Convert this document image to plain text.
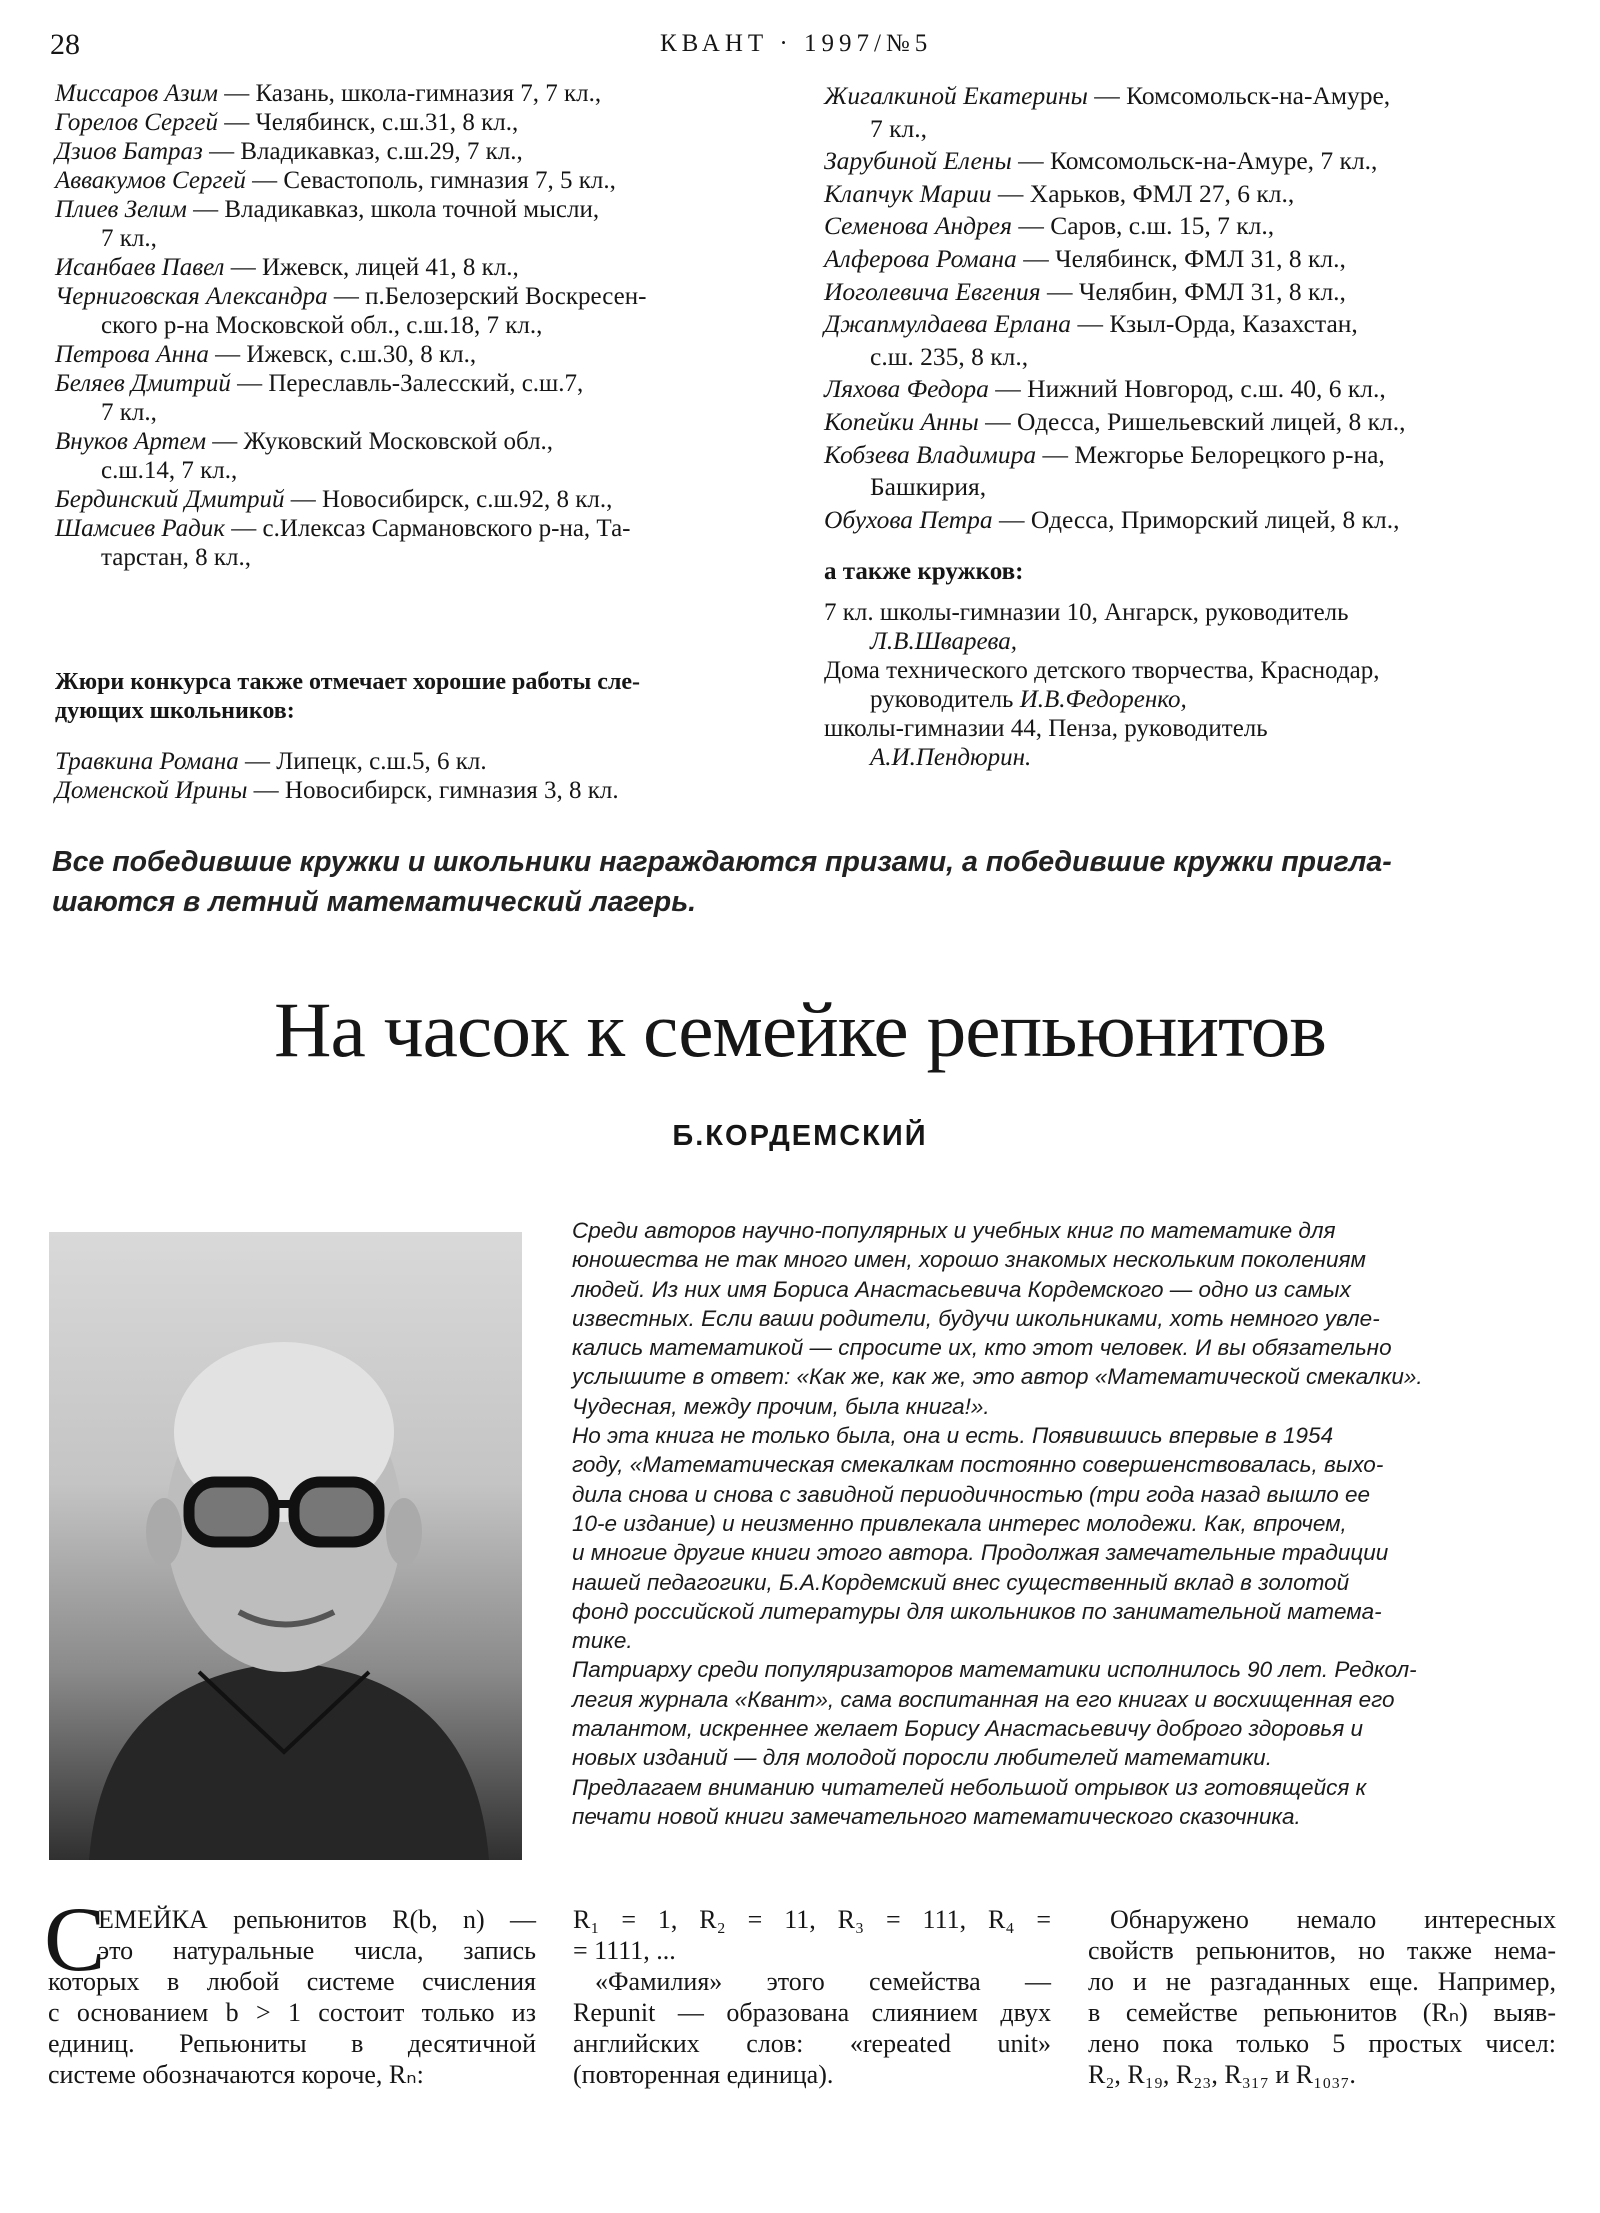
28	КВАНТ · 1997/№5
Миссаров Азим — Казань, школа-гимназия 7, 7 кл.,
Горелов Сергей — Челябинск, с.ш.31, 8 кл.,
Дзиов Батраз — Владикавказ, с.ш.29, 7 кл.,
Аввакумов Сергей — Севастополь, гимназия 7, 5 кл.,
Плиев Зелим — Владикавказ, школа точной мысли,
7 кл.,
Исанбаев Павел — Ижевск, лицей 41, 8 кл.,
Черниговская Александра — п.Белозерский Воскресен-
ского р-на Московской обл., с.ш.18, 7 кл.,
Петрова Анна — Ижевск, с.ш.30, 8 кл.,
Беляев Дмитрий — Переславль-Залесский, с.ш.7,
7 кл.,
Внуков Артем — Жуковский Московской обл.,
с.ш.14, 7 кл.,
Бердинский Дмитрий — Новосибирск, с.ш.92, 8 кл.,
Шамсиев Радик — с.Илексаз Сармановского р-на, Та-
тарстан, 8 кл.,
Жюри конкурса также отмечает хорошие работы сле-
дующих школьников:
Травкина Романа — Липецк, с.ш.5, 6 кл.
Доменской Ирины — Новосибирск, гимназия 3, 8 кл.
Жигалкиной Екатерины — Комсомольск-на-Амуре,
7 кл.,
Зарубиной Елены — Комсомольск-на-Амуре, 7 кл.,
Клапчук Марии — Харьков, ФМЛ 27, 6 кл.,
Семенова Андрея — Саров, с.ш. 15, 7 кл.,
Алферова Романа — Челябинск, ФМЛ 31, 8 кл.,
Иоголевича Евгения — Челябин, ФМЛ 31, 8 кл.,
Джапмулдаева Ерлана — Кзыл-Орда, Казахстан,
с.ш. 235, 8 кл.,
Ляхова Федора — Нижний Новгород, с.ш. 40, 6 кл.,
Копейки Анны — Одесса, Ришельевский лицей, 8 кл.,
Кобзева Владимира — Межгорье Белорецкого р-на,
Башкирия,
Обухова Петра — Одесса, Приморский лицей, 8 кл.,
а также кружков:
7 кл. школы-гимназии 10, Ангарск, руководитель
Л.В.Шварева,
Дома технического детского творчества, Краснодар,
руководитель И.В.Федоренко,
школы-гимназии 44, Пенза, руководитель
А.И.Пендюрин.
Все победившие кружки и школьники награждаются призами, а победившие кружки пригла-
шаются в летний математический лагерь.
На часок к семейке репьюнитов
Б.КОРДЕМСКИЙ
Среди авторов научно-популярных и учебных книг по математике для
юношества не так много имен, хорошо знакомых нескольким поколениям
людей. Из них имя Бориса Анастасьевича Кордемского — одно из самых
известных. Если ваши родители, будучи школьниками, хоть немного увле-
кались математикой — спросите их, кто этот человек. И вы обязательно
услышите в ответ: «Как же, как же, это автор «Математической смекалки».
Чудесная, между прочим, была книга!».
Но эта книга не только была, она и есть. Появившись впервые в 1954
году, «Математическая смекалкам постоянно совершенствовалась, выхо-
дила снова и снова с завидной периодичностью (три года назад вышло ее
10-е издание) и неизменно привлекала интерес молодежи. Как, впрочем,
и многие другие книги этого автора. Продолжая замечательные традиции
нашей педагогики, Б.А.Кордемский внес существенный вклад в золотой
фонд российской литературы для школьников по занимательной матема-
тике.
Патриарху среди популяризаторов математики исполнилось 90 лет. Редкол-
легия журнала «Квант», сама воспитанная на его книгах и восхищенная его
талантом, искреннее желает Борису Анастасьевичу доброго здоровья и
новых изданий — для молодой поросли любителей математики.
Предлагаем вниманию читателей небольшой отрывок из готовящейся к
печати новой книги замечательного математического сказочника.
С
ЕМЕЙКА репьюнитов R(b, n) —
это натуральные числа, запись
которых в любой системе счисления
с основанием b > 1 состоит только из
единиц. Репьюниты в десятичной
системе обозначаются короче, Rₙ:
R₁ = 1, R₂ = 11, R₃ = 111, R₄ =
= 1111, ...
«Фамилия» этого семейства —
Repunit — образована слиянием двух
английских слов: «repeated unit»
(повторенная единица).
Обнаружено немало интересных
свойств репьюнитов, но также нема-
ло и не разгаданных еще. Например,
в семействе репьюнитов (Rₙ) выяв-
лено пока только 5 простых чисел:
R₂, R₁₉, R₂₃, R₃₁₇ и R₁₀₃₇.
